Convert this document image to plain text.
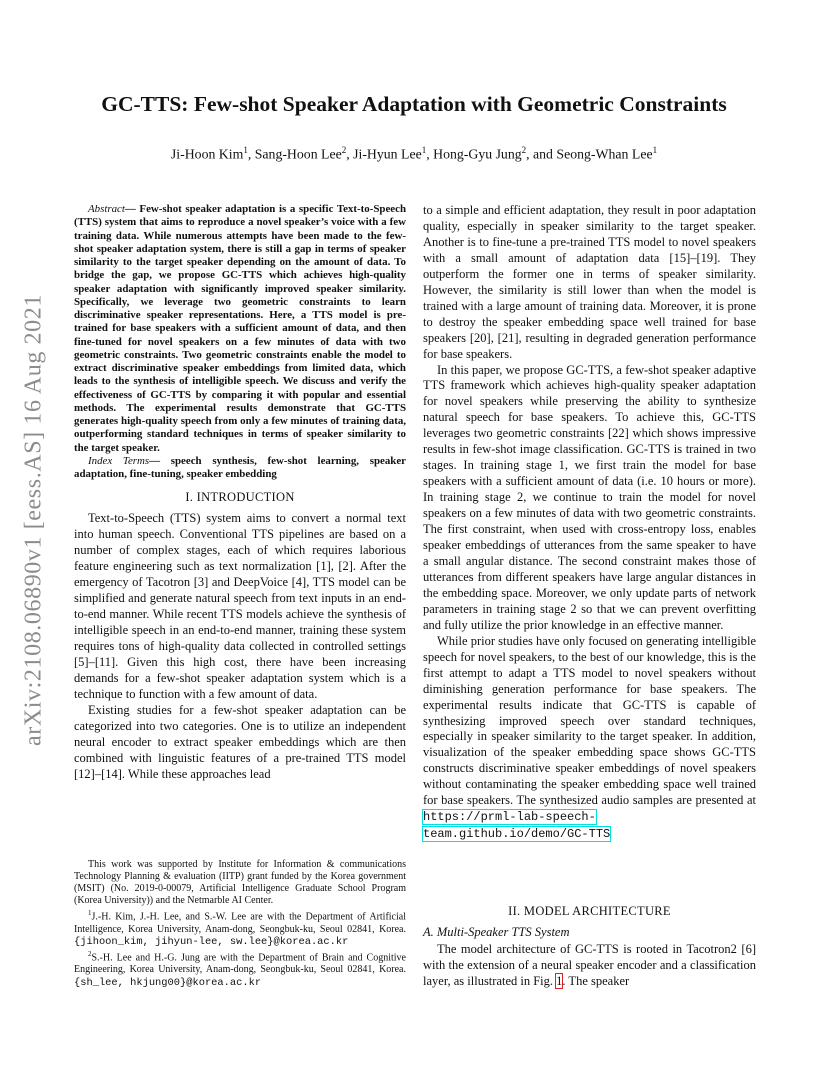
arXiv:2108.06890v1 [eess.AS] 16 Aug 2021
GC-TTS: Few-shot Speaker Adaptation with Geometric Constraints

Ji-Hoon Kim$^1$, Sang-Hoon Lee$^2$, Ji-Hyun Lee$^1$, Hong-Gyu Jung$^2$, and Seong-Whan Lee$^1$

Abstract— Few-shot speaker adaptation is a specific Text-to-Speech (TTS) system that aims to reproduce a novel speaker’s voice with a few training data. While numerous attempts have been made to the few-shot speaker adaptation system, there is still a gap in terms of speaker similarity to the target speaker depending on the amount of data. To bridge the gap, we propose GC-TTS which achieves high-quality speaker adaptation with significantly improved speaker similarity. Specifically, we leverage two geometric constraints to learn discriminative speaker representations. Here, a TTS model is pre-trained for base speakers with a sufficient amount of data, and then fine-tuned for novel speakers on a few minutes of data with two geometric constraints. Two geometric constraints enable the model to extract discriminative speaker embeddings from limited data, which leads to the synthesis of intelligible speech. We discuss and verify the effectiveness of GC-TTS by comparing it with popular and essential methods. The experimental results demonstrate that GC-TTS generates high-quality speech from only a few minutes of training data, outperforming standard techniques in terms of speaker similarity to the target speaker.

Index Terms— speech synthesis, few-shot learning, speaker adaptation, fine-tuning, speaker embedding

I. INTRODUCTION

Text-to-Speech (TTS) system aims to convert a normal text into human speech. Conventional TTS pipelines are based on a number of complex stages, each of which requires laborious feature engineering such as text normalization [1], [2]. After the emergency of Tacotron [3] and DeepVoice [4], TTS model can be simplified and generate natural speech from text inputs in an end-to-end manner. While recent TTS models achieve the synthesis of intelligible speech in an end-to-end manner, training these system requires tons of high-quality data collected in controlled settings [5]–[11]. Given this high cost, there have been increasing demands for a few-shot speaker adaptation system which is a technique to function with a few amount of data.

Existing studies for a few-shot speaker adaptation can be categorized into two categories. One is to utilize an independent neural encoder to extract speaker embeddings which are then combined with linguistic features of a pre-trained TTS model [12]–[14]. While these approaches lead

This work was supported by Institute for Information & communications Technology Planning & evaluation (IITP) grant funded by the Korea government (MSIT) (No. 2019-0-00079, Artificial Intelligence Graduate School Program (Korea University)) and the Netmarble AI Center.

$^1$J.-H. Kim, J.-H. Lee, and S.-W. Lee are with the Department of Artificial Intelligence, Korea University, Anam-dong, Seongbuk-ku, Seoul 02841, Korea. {jihoon_kim, jihyun-lee, sw.lee}@korea.ac.kr

$^2$S.-H. Lee and H.-G. Jung are with the Department of Brain and Cognitive Engineering, Korea University, Anam-dong, Seongbuk-ku, Seoul 02841, Korea. {sh_lee, hkjung00}@korea.ac.kr

to a simple and efficient adaptation, they result in poor adaptation quality, especially in speaker similarity to the target speaker. Another is to fine-tune a pre-trained TTS model to novel speakers with a small amount of adaptation data [15]–[19]. They outperform the former one in terms of speaker similarity. However, the similarity is still lower than when the model is trained with a large amount of training data. Moreover, it is prone to destroy the speaker embedding space well trained for base speakers [20], [21], resulting in degraded generation performance for base speakers.

In this paper, we propose GC-TTS, a few-shot speaker adaptive TTS framework which achieves high-quality speaker adaptation for novel speakers while preserving the ability to synthesize natural speech for base speakers. To achieve this, GC-TTS leverages two geometric constraints [22] which shows impressive results in few-shot image classification. GC-TTS is trained in two stages. In training stage 1, we first train the model for base speakers with a sufficient amount of data (i.e. 10 hours or more). In training stage 2, we continue to train the model for novel speakers on a few minutes of data with two geometric constraints. The first constraint, when used with cross-entropy loss, enables speaker embeddings of utterances from the same speaker to have a small angular distance. The second constraint makes those of utterances from different speakers have large angular distances in the embedding space. Moreover, we only update parts of network parameters in training stage 2 so that we can prevent overfitting and fully utilize the prior knowledge in an effective manner.

While prior studies have only focused on generating intelligible speech for novel speakers, to the best of our knowledge, this is the first attempt to adapt a TTS model to novel speakers without diminishing generation performance for base speakers. The experimental results indicate that GC-TTS is capable of synthesizing improved speech over standard techniques, especially in speaker similarity to the target speaker. In addition, visualization of the speaker embedding space shows GC-TTS constructs discriminative speaker embeddings of novel speakers without contaminating the speaker embedding space well trained for base speakers. The synthesized audio samples are presented at https://prml-lab-speech-team.github.io/demo/GC-TTS

II. MODEL ARCHITECTURE
A. Multi-Speaker TTS System

The model architecture of GC-TTS is rooted in Tacotron2 [6] with the extension of a neural speaker encoder and a classification layer, as illustrated in Fig. 1. The speaker
